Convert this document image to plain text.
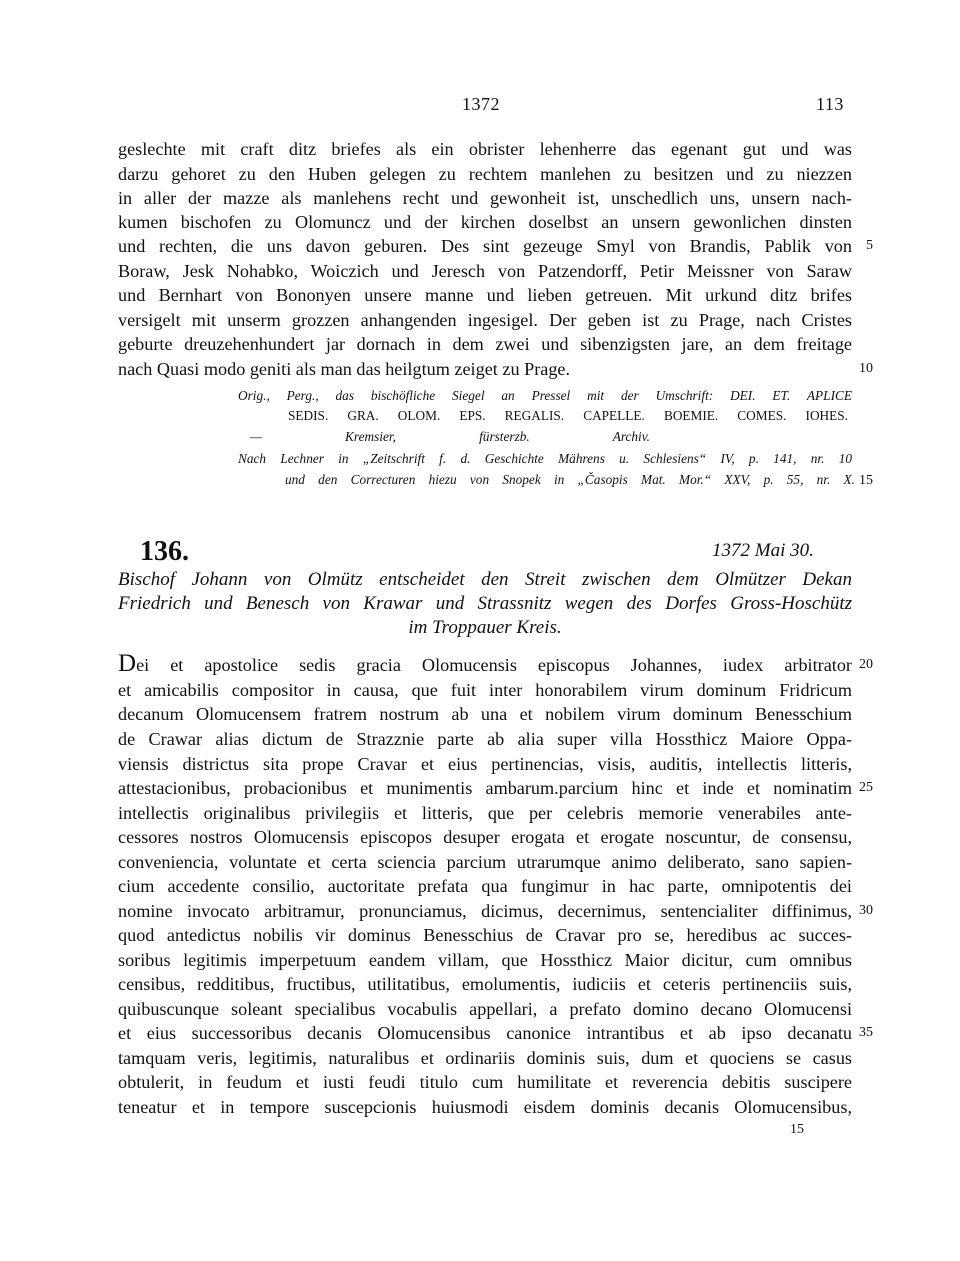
1372	113
geslechte mit craft ditz briefes als ein obrister lehenherre das egenant gut und was
darzu gehoret zu den Huben gelegen zu rechtem manlehen zu besitzen und zu niezzen
in aller der mazze als manlehens recht und gewonheit ist, unschedlich uns, unsern nach-
kumen bischofen zu Olomuncz und der kirchen doselbst an unsern gewonlichen dinsten
und rechten, die uns davon geburen. Des sint gezeuge Smyl von Brandis, Pablik von
Boraw, Jesk Nohabko, Woiczich und Jeresch von Patzendorff, Petir Meissner von Saraw
und Bernhart von Bononyen unsere manne und lieben getreuen. Mit urkund ditz brifes
versigelt mit unserm grozzen anhangenden ingesigel. Der geben ist zu Prage, nach Cristes
geburte dreuzehenhundert jar dornach in dem zwei und sibenzigsten jare, an dem freitage
nach Quasi modo geniti als man das heilgtum zeiget zu Prage.
Orig., Perg., das bischöfliche Siegel an Pressel mit der Umschrift: DEI. ET. APLICE
SEDIS. GRA. OLOM. EPS. REGALIS. CAPELLE. BOEMIE. COMES. IOHES.
— Kremsier, fürsterzb. Archiv.
Nach Lechner in „Zeitschrift f. d. Geschichte Mährens u. Schlesiens“ IV, p. 141, nr. 10
und den Correcturen hiezu von Snopek in „Časopis Mat. Mor.“ XXV, p. 55, nr. X.
136.	1372 Mai 30.
Bischof Johann von Olmütz entscheidet den Streit zwischen dem Olmützer Dekan
Friedrich und Benesch von Krawar und Strassnitz wegen des Dorfes Gross-Hoschütz
im Troppauer Kreis.
Dei et apostolice sedis gracia Olomucensis episcopus Johannes, iudex arbitrator
et amicabilis compositor in causa, que fuit inter honorabilem virum dominum Fridricum
decanum Olomucensem fratrem nostrum ab una et nobilem virum dominum Benesschium
de Crawar alias dictum de Strazznie parte ab alia super villa Hossthicz Maiore Oppa-
viensis districtus sita prope Cravar et eius pertinencias, visis, auditis, intellectis litteris,
attestacionibus, probacionibus et munimentis ambarum.parcium hinc et inde et nominatim
intellectis originalibus privilegiis et litteris, que per celebris memorie venerabiles ante-
cessores nostros Olomucensis episcopos desuper erogata et erogate noscuntur, de consensu,
conveniencia, voluntate et certa sciencia parcium utrarumque animo deliberato, sano sapien-
cium accedente consilio, auctoritate prefata qua fungimur in hac parte, omnipotentis dei
nomine invocato arbitramur, pronunciamus, dicimus, decernimus, sentencialiter diffinimus,
quod antedictus nobilis vir dominus Benesschius de Cravar pro se, heredibus ac succes-
soribus legitimis imperpetuum eandem villam, que Hossthicz Maior dicitur, cum omnibus
censibus, redditibus, fructibus, utilitatibus, emolumentis, iudiciis et ceteris pertinenciis suis,
quibuscunque soleant specialibus vocabulis appellari, a prefato domino decano Olomucensi
et eius successoribus decanis Olomucensibus canonice intrantibus et ab ipso decanatu
tamquam veris, legitimis, naturalibus et ordinariis dominis suis, dum et quociens se casus
obtulerit, in feudum et iusti feudi titulo cum humilitate et reverencia debitis suscipere
teneatur et in tempore suscepcionis huiusmodi eisdem dominis decanis Olomucensibus,
5
10
15
20
25
30
35
15
